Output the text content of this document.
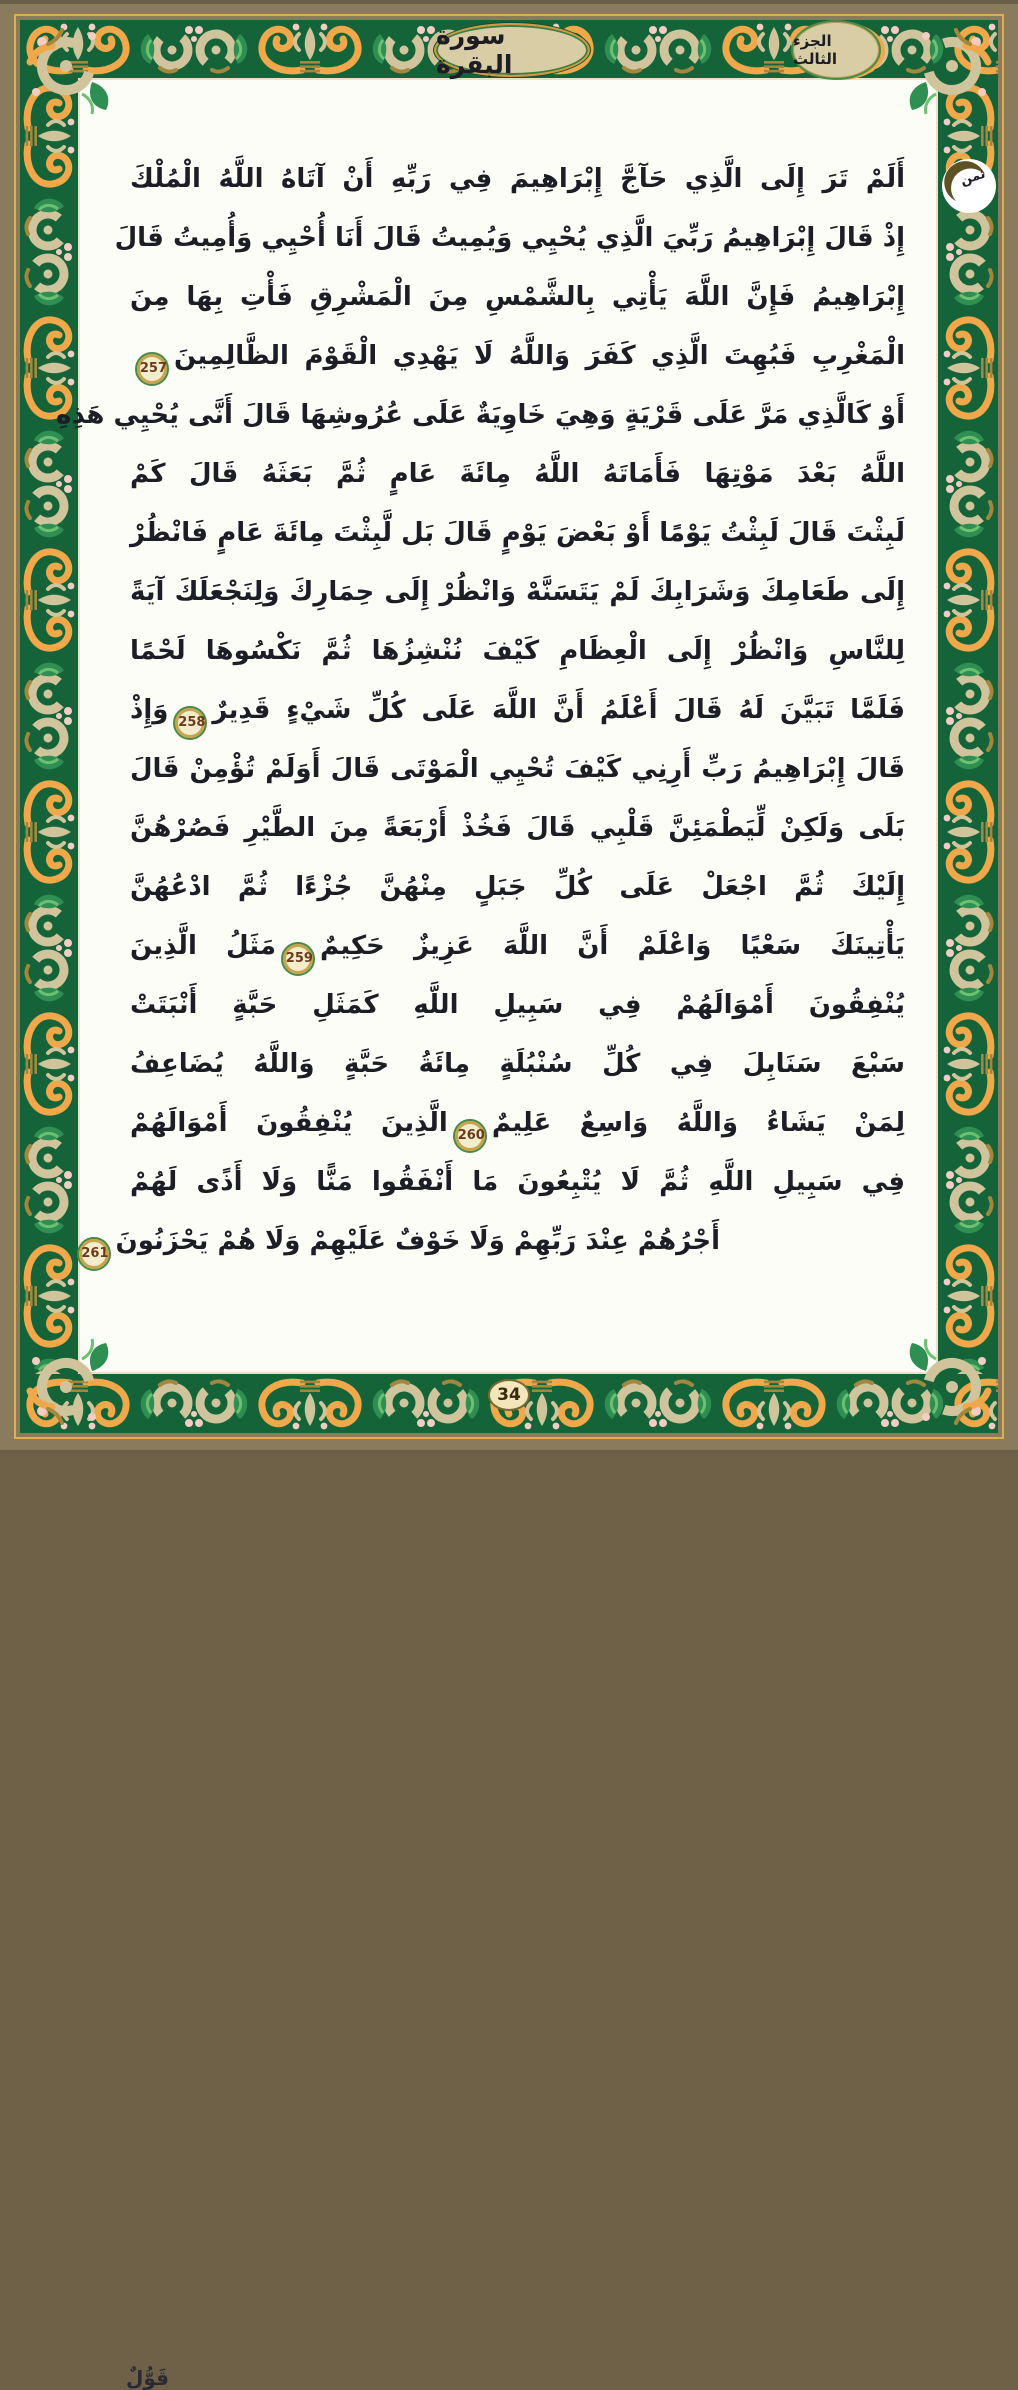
سورة البقرة
الجزء الثالث
ثمن
أَلَمْ تَرَ إِلَى الَّذِي حَآجَّ إِبْرَاهِيمَ فِي رَبِّهِ أَنْ آتَاهُ اللَّهُ الْمُلْكَ
إِذْ قَالَ إِبْرَاهِيمُ رَبِّيَ الَّذِي يُحْيِي وَيُمِيتُ قَالَ أَنَا أُحْيِي وَأُمِيتُ قَالَ
إِبْرَاهِيمُ فَإِنَّ اللَّهَ يَأْتِي بِالشَّمْسِ مِنَ الْمَشْرِقِ فَأْتِ بِهَا مِنَ
الْمَغْرِبِ فَبُهِتَ الَّذِي كَفَرَ وَاللَّهُ لَا يَهْدِي الْقَوْمَ الظَّالِمِينَ257
أَوْ كَالَّذِي مَرَّ عَلَى قَرْيَةٍ وَهِيَ خَاوِيَةٌ عَلَى عُرُوشِهَا قَالَ أَنَّى يُحْيِي هَذِهِ
اللَّهُ بَعْدَ مَوْتِهَا فَأَمَاتَهُ اللَّهُ مِائَةَ عَامٍ ثُمَّ بَعَثَهُ قَالَ كَمْ
لَبِثْتَ قَالَ لَبِثْتُ يَوْمًا أَوْ بَعْضَ يَوْمٍ قَالَ بَل لَّبِثْتَ مِائَةَ عَامٍ فَانْظُرْ
إِلَى طَعَامِكَ وَشَرَابِكَ لَمْ يَتَسَنَّهْ وَانْظُرْ إِلَى حِمَارِكَ وَلِنَجْعَلَكَ آيَةً
لِلنَّاسِ وَانْظُرْ إِلَى الْعِظَامِ كَيْفَ نُنْشِزُهَا ثُمَّ نَكْسُوهَا لَحْمًا
فَلَمَّا تَبَيَّنَ لَهُ قَالَ أَعْلَمُ أَنَّ اللَّهَ عَلَى كُلِّ شَيْءٍ قَدِيرٌ258وَإِذْ
قَالَ إِبْرَاهِيمُ رَبِّ أَرِنِي كَيْفَ تُحْيِي الْمَوْتَى قَالَ أَوَلَمْ تُؤْمِنْ قَالَ
بَلَى وَلَكِنْ لِّيَطْمَئِنَّ قَلْبِي قَالَ فَخُذْ أَرْبَعَةً مِنَ الطَّيْرِ فَصُرْهُنَّ
إِلَيْكَ ثُمَّ اجْعَلْ عَلَى كُلِّ جَبَلٍ مِنْهُنَّ جُزْءًا ثُمَّ ادْعُهُنَّ
يَأْتِينَكَ سَعْيًا وَاعْلَمْ أَنَّ اللَّهَ عَزِيزٌ حَكِيمٌ259مَثَلُ الَّذِينَ
يُنْفِقُونَ أَمْوَالَهُمْ فِي سَبِيلِ اللَّهِ كَمَثَلِ حَبَّةٍ أَنْبَتَتْ
سَبْعَ سَنَابِلَ فِي كُلِّ سُنْبُلَةٍ مِائَةُ حَبَّةٍ وَاللَّهُ يُضَاعِفُ
لِمَنْ يَشَاءُ وَاللَّهُ وَاسِعٌ عَلِيمٌ260الَّذِينَ يُنْفِقُونَ أَمْوَالَهُمْ
فِي سَبِيلِ اللَّهِ ثُمَّ لَا يُتْبِعُونَ مَا أَنْفَقُوا مَنًّا وَلَا أَذًى لَهُمْ
أَجْرُهُمْ عِنْدَ رَبِّهِمْ وَلَا خَوْفٌ عَلَيْهِمْ وَلَا هُمْ يَحْزَنُونَ261
قَوُّلٌ
34
